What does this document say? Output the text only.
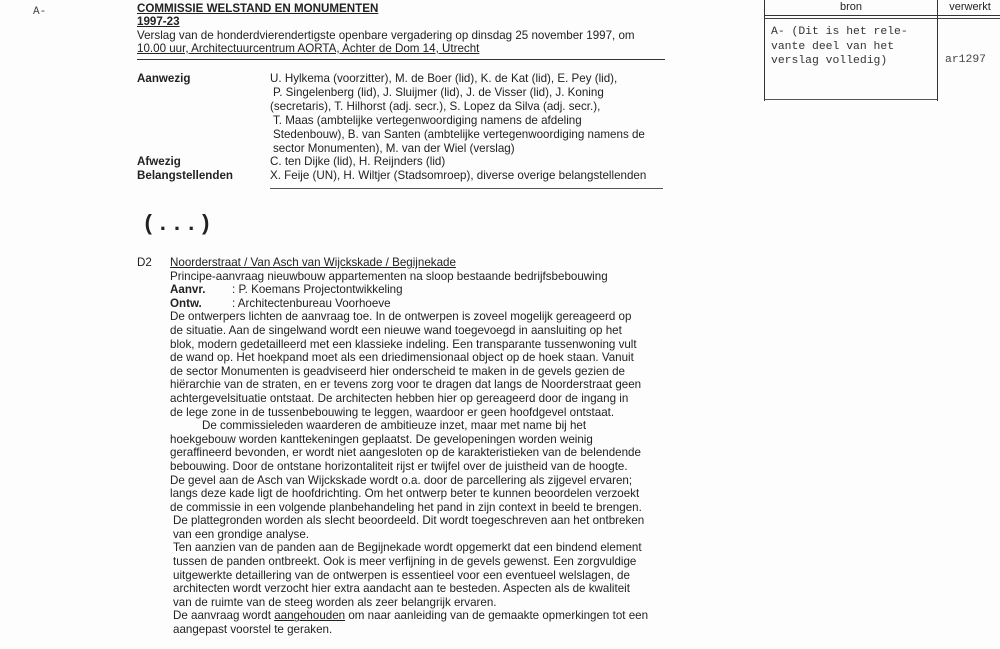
A-	COMMISSIE WELSTAND EN MONUMENTEN
1997-23
Verslag van de honderdvierendertigste openbare vergadering op dinsdag 25 november 1997, om
10.00 uur, Architectuurcentrum AORTA, Achter de Dom 14, Utrecht
Aanwezig	U. Hylkema (voorzitter), M. de Boer (lid), K. de Kat (lid), E. Pey (lid),
P. Singelenberg (lid), J. Sluijmer (lid), J. de Visser (lid), J. Koning
(secretaris), T. Hilhorst (adj. secr.), S. Lopez da Silva (adj. secr.),
T. Maas (ambtelijke vertegenwoordiging namens de afdeling
Stedenbouw), B. van Santen (ambtelijke vertegenwoordiging namens de
sector Monumenten), M. van der Wiel (verslag)
Afwezig	C. ten Dijke (lid), H. Reijnders (lid)
Belangstellenden	X. Feije (UN), H. Wiltjer (Stadsomroep), diverse overige belangstellenden
(...)
D2 Noorderstraat / Van Asch van Wijckskade / Begijnekade
Principe-aanvraag nieuwbouw appartementen na sloop bestaande bedrijfsbebouwing
Aanvr.	: P. Koemans Projectontwikkeling
Ontw.	: Architectenbureau Voorhoeve
De ontwerpers lichten de aanvraag toe. In de ontwerpen is zoveel mogelijk gereageerd op
de situatie. Aan de singelwand wordt een nieuwe wand toegevoegd in aansluiting op het
blok, modern gedetailleerd met een klassieke indeling. Een transparante tussenwoning vult
de wand op. Het hoekpand moet als een driedimensionaal object op de hoek staan. Vanuit
de sector Monumenten is geadviseerd hier onderscheid te maken in de gevels gezien de
hiërarchie van de straten, en er tevens zorg voor te dragen dat langs de Noorderstraat geen
achtergevelsituatie ontstaat. De architecten hebben hier op gereageerd door de ingang in
de lege zone in de tussenbebouwing te leggen, waardoor er geen hoofdgevel ontstaat.
De commissieleden waarderen de ambitieuze inzet, maar met name bij het
hoekgebouw worden kanttekeningen geplaatst. De gevelopeningen worden weinig
geraffineerd bevonden, er wordt niet aangesloten op de karakteristieken van de belendende
bebouwing. Door de ontstane horizontaliteit rijst er twijfel over de juistheid van de hoogte.
De gevel aan de Asch van Wijckskade wordt o.a. door de parcellering als zijgevel ervaren;
langs deze kade ligt de hoofdrichting. Om het ontwerp beter te kunnen beoordelen verzoekt
de commissie in een volgende planbehandeling het pand in zijn context in beeld te brengen.
De plattegronden worden als slecht beoordeeld. Dit wordt toegeschreven aan het ontbreken
van een grondige analyse.
Ten aanzien van de panden aan de Begijnekade wordt opgemerkt dat een bindend element
tussen de panden ontbreekt. Ook is meer verfijning in de gevels gewenst. Een zorgvuldige
uitgewerkte detaillering van de ontwerpen is essentieel voor een eventueel welslagen, de
architecten wordt verzocht hier extra aandacht aan te besteden. Aspecten als de kwaliteit
van de ruimte van de steeg worden als zeer belangrijk ervaren.
De aanvraag wordt aangehouden om naar aanleiding van de gemaakte opmerkingen tot een
aangepast voorstel te geraken.
bron	verwerkt
A- (Dit is het rele-
vante deel van het
verslag volledig)	ar1297
